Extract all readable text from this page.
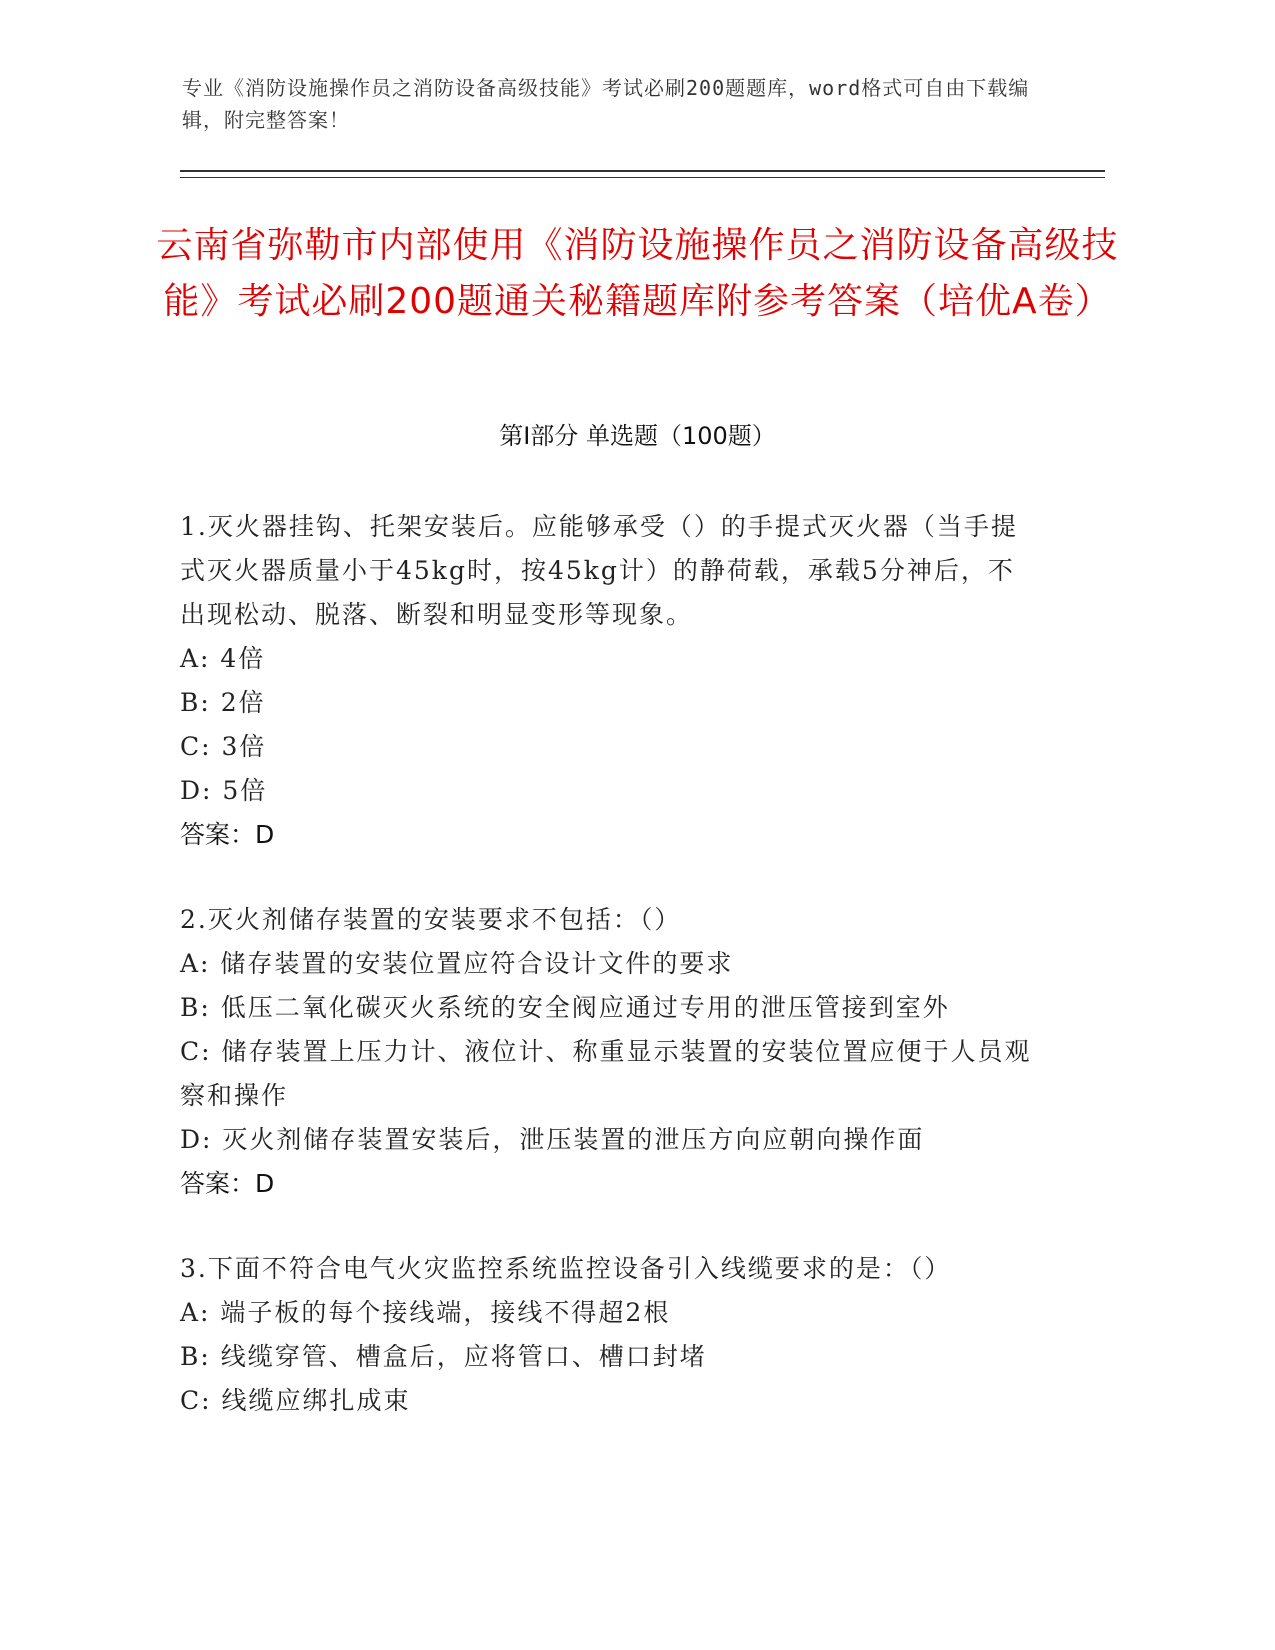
专业《消防设施操作员之消防设备高级技能》考试必刷200题题库，word格式可自由下载编辑，附完整答案！
云南省弥勒市内部使用《消防设施操作员之消防设备高级技能》考试必刷200题通关秘籍题库附参考答案（培优A卷）
第Ⅰ部分 单选题（100题）

1.灭火器挂钩、托架安装后。应能够承受（）的手提式灭火器（当手提式灭火器质量小于45kg时，按45kg计）的静荷载，承载5分神后，不出现松动、脱落、断裂和明显变形等现象。

A: 4倍

B: 2倍

C: 3倍

D: 5倍

答案：D

2.灭火剂储存装置的安装要求不包括：（）

A: 储存装置的安装位置应符合设计文件的要求

B: 低压二氧化碳灭火系统的安全阀应通过专用的泄压管接到室外

C: 储存装置上压力计、液位计、称重显示装置的安装位置应便于人员观察和操作

D: 灭火剂储存装置安装后，泄压装置的泄压方向应朝向操作面

答案：D

3.下面不符合电气火灾监控系统监控设备引入线缆要求的是：（）

A: 端子板的每个接线端，接线不得超2根

B: 线缆穿管、槽盒后，应将管口、槽口封堵

C: 线缆应绑扎成束
